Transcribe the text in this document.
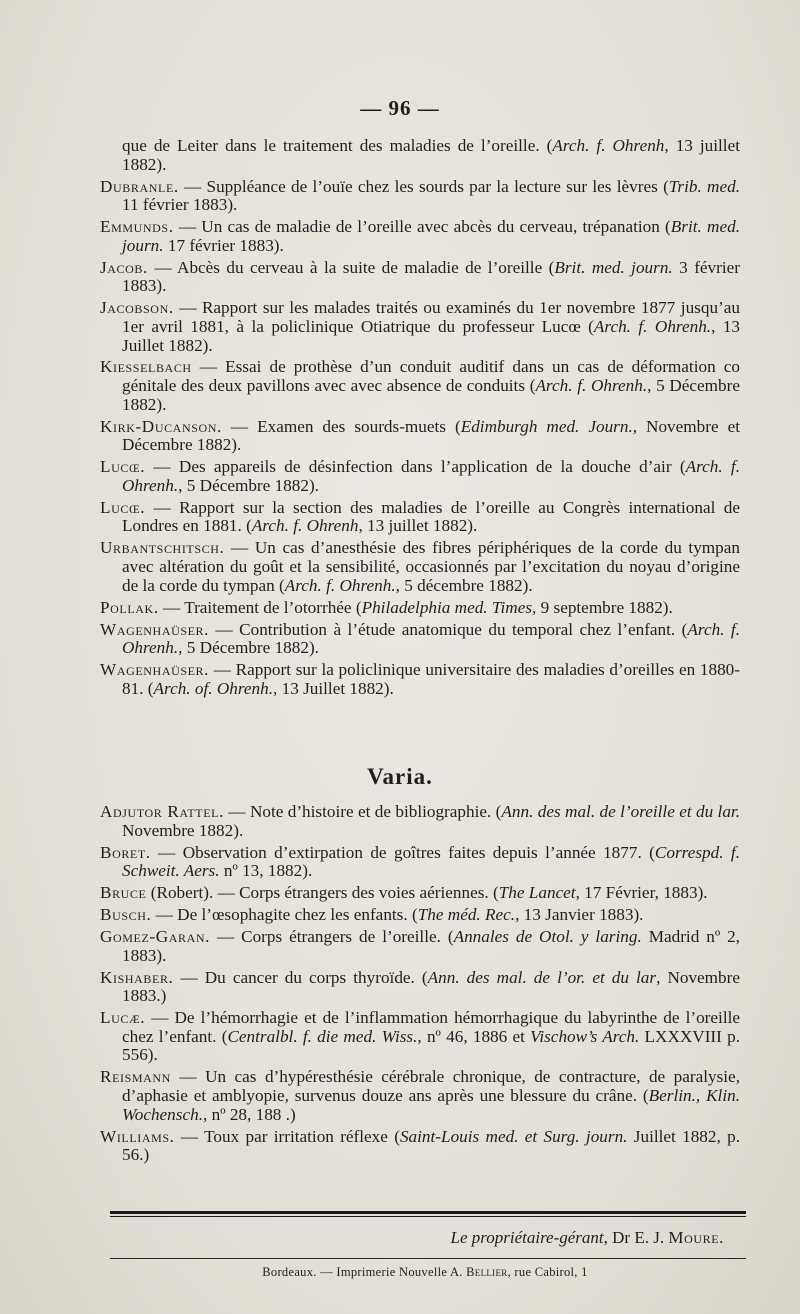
— 96 —

que de Leiter dans le traitement des maladies de l’oreille. (Arch. f. Ohrenh, 13 juillet 1882).

Dubranle. — Suppléance de l’ouïe chez les sourds par la lecture sur les lèvres (Trib. med. 11 février 1883).

Emmunds. — Un cas de maladie de l’oreille avec abcès du cerveau, trépanation (Brit. med. journ. 17 février 1883).

Jacob. — Abcès du cerveau à la suite de maladie de l’oreille (Brit. med. journ. 3 février 1883).

Jacobson. — Rapport sur les malades traités ou examinés du 1er novembre 1877 jusqu’au 1er avril 1881, à la policlinique Otiatrique du professeur Lucœ (Arch. f. Ohrenh., 13 Juillet 1882).

Kiesselbach — Essai de prothèse d’un conduit auditif dans un cas de déformation co génitale des deux pavillons avec avec absence de conduits (Arch. f. Ohrenh., 5 Décembre 1882).

Kirk-Ducanson. — Examen des sourds-muets (Edimburgh med. Journ., Novembre et Décembre 1882).

Lucœ. — Des appareils de désinfection dans l’application de la douche d’air (Arch. f. Ohrenh., 5 Décembre 1882).

Lucœ. — Rapport sur la section des maladies de l’oreille au Congrès international de Londres en 1881. (Arch. f. Ohrenh, 13 juillet 1882).

Urbantschitsch. — Un cas d’anesthésie des fibres périphériques de la corde du tympan avec altération du goût et la sensibilité, occasionnés par l’excitation du noyau d’origine de la corde du tympan (Arch. f. Ohrenh., 5 décembre 1882).

Pollak. — Traitement de l’otorrhée (Philadelphia med. Times, 9 septembre 1882).

Wagenhaüser. — Contribution à l’étude anatomique du temporal chez l’enfant. (Arch. f. Ohrenh., 5 Décembre 1882).

Wagenhaüser. — Rapport sur la policlinique universitaire des maladies d’oreilles en 1880-81. (Arch. of. Ohrenh., 13 Juillet 1882).

Varia.

Adjutor Rattel. — Note d’histoire et de bibliographie. (Ann. des mal. de l’oreille et du lar. Novembre 1882).

Boret. — Observation d’extirpation de goîtres faites depuis l’année 1877. (Correspd. f. Schweit. Aers. nº 13, 1882).

Bruce (Robert). — Corps étrangers des voies aériennes. (The Lancet, 17 Février, 1883).

Busch. — De l’œsophagite chez les enfants. (The méd. Rec., 13 Janvier 1883).

Gomez-Garan. — Corps étrangers de l’oreille. (Annales de Otol. y laring. Madrid nº 2, 1883).

Kishaber. — Du cancer du corps thyroïde. (Ann. des mal. de l’or. et du lar, Novembre 1883.)

Lucæ. — De l’hémorrhagie et de l’inflammation hémorrhagique du labyrinthe de l’oreille chez l’enfant. (Centralbl. f. die med. Wiss., nº 46, 1886 et Vischow’s Arch. LXXXVIII p. 556).

Reismann — Un cas d’hypéresthésie cérébrale chronique, de contracture, de paralysie, d’aphasie et amblyopie, survenus douze ans après une blessure du crâne. (Berlin., Klin. Wochensch., nº 28, 188 .)

Williams. — Toux par irritation réflexe (Saint-Louis med. et Surg. journ. Juillet 1882, p. 56.)

Le propriétaire-gérant, Dr E. J. Moure.
Bordeaux. — Imprimerie Nouvelle A. Bellier, rue Cabirol, 1
